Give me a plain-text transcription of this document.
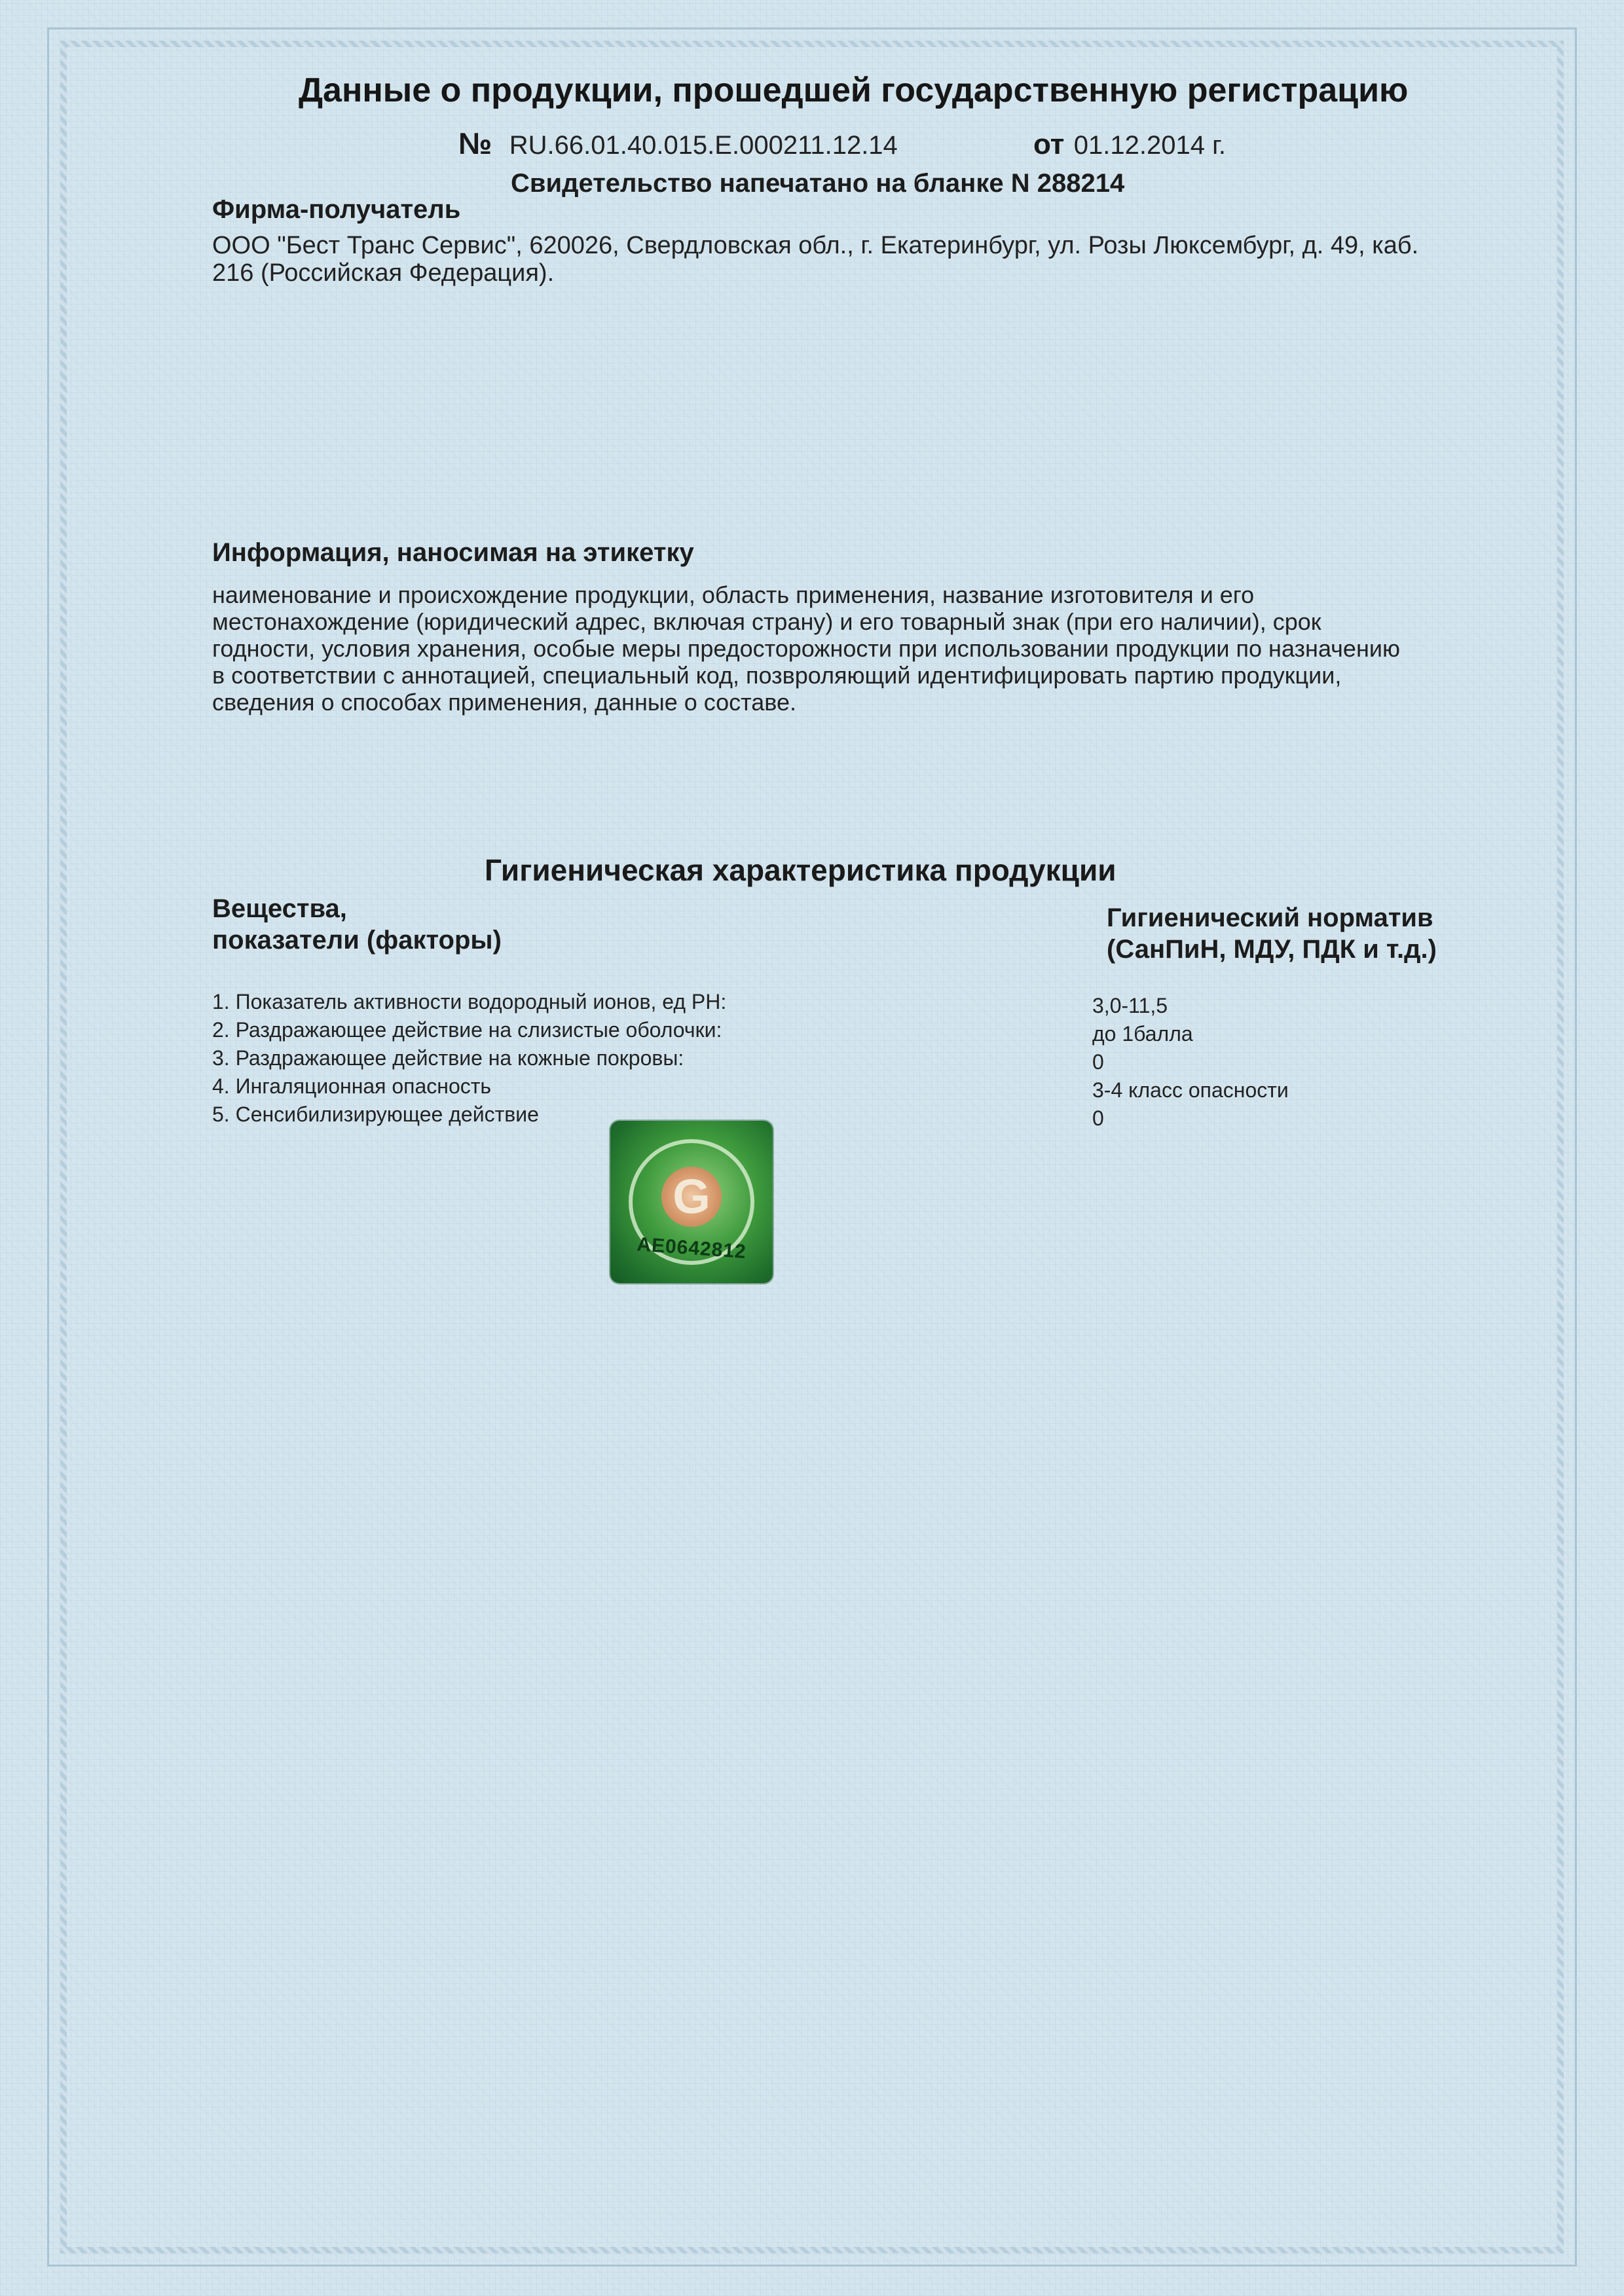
Данные о продукции, прошедшей государственную регистрацию
№ RU.66.01.40.015.Е.000211.12.14	от 01.12.2014 г.
Свидетельство напечатано на бланке N 288214
Фирма-получатель
ООО "Бест Транс Сервис", 620026, Свердловская обл., г. Екатеринбург, ул. Розы Люксембург, д. 49, каб.
216 (Российская Федерация).
Информация, наносимая на этикетку
наименование и происхождение продукции, область применения, название изготовителя и его местонахождение (юридический адрес, включая страну) и его товарный знак (при его наличии), срок годности, условия хранения, особые меры предосторожности при использовании продукции по назначению в соответствии с аннотацией, специальный код, позвроляющий идентифицировать партию продукции, сведения о способах применения, данные о составе.
Гигиеническая характеристика продукции
Вещества,
показатели (факторы)
Гигиенический норматив
(СанПиН, МДУ, ПДК и т.д.)
1. Показатель активности водородный ионов, ед РН:
2. Раздражающее действие на слизистые оболочки:
3. Раздражающее действие на кожные покровы:
4. Ингаляционная опасность
5. Сенсибилизирующее действие
3,0-11,5
до 1балла
0
3-4 класс опасности
0
G
АЕ0642812
